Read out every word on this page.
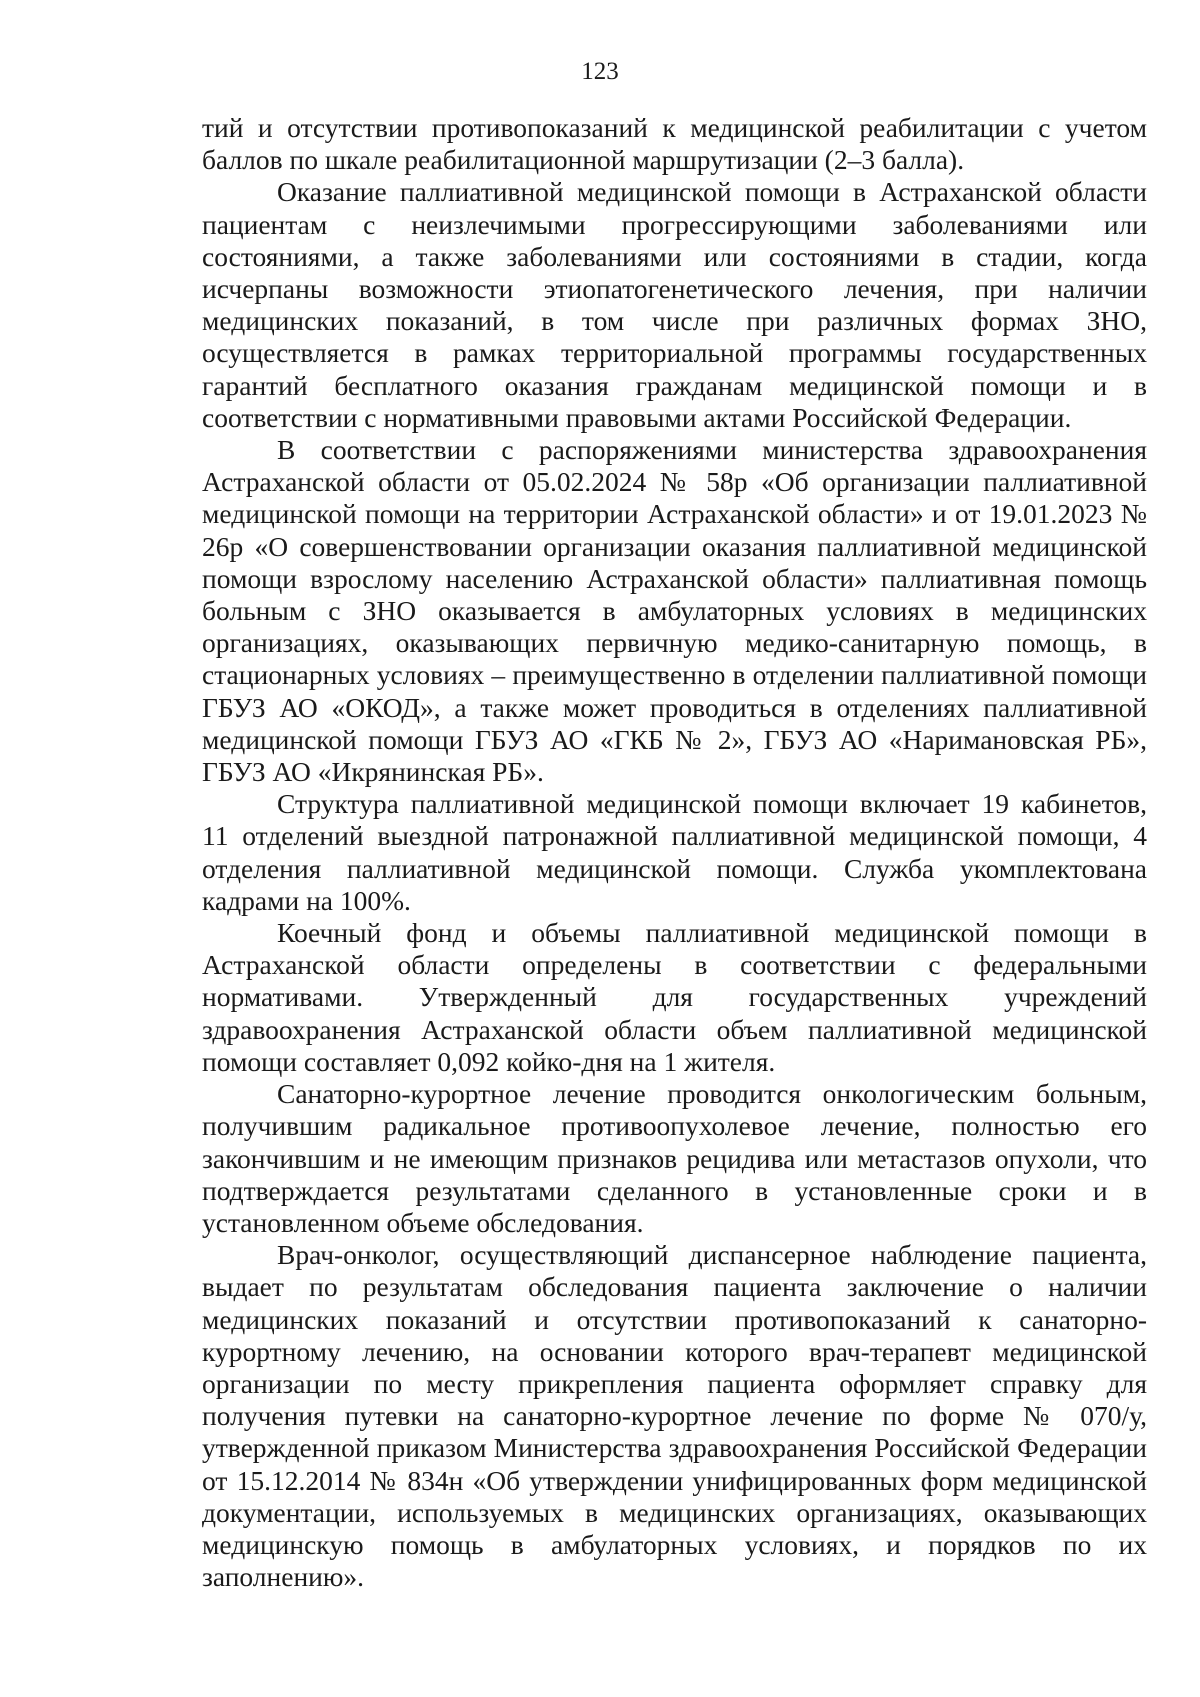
123

тий и отсутствии противопоказаний к медицинской реабилитации с учетом баллов по шкале реабилитационной маршрутизации (2–3 балла).

Оказание паллиативной медицинской помощи в Астраханской области пациентам с неизлечимыми прогрессирующими заболеваниями или состояниями, а также заболеваниями или состояниями в стадии, когда исчерпаны возможности этиопатогенетического лечения, при наличии медицинских показаний, в том числе при различных формах ЗНО, осуществляется в рамках территориальной программы государственных гарантий бесплатного оказания гражданам медицинской помощи и в соответствии с нормативными правовыми актами Российской Федерации.

В соответствии с распоряжениями министерства здравоохранения Астраханской области от 05.02.2024 № 58р «Об организации паллиативной медицинской помощи на территории Астраханской области» и от 19.01.2023 № 26р «О совершенствовании организации оказания паллиативной медицинской помощи взрослому населению Астраханской области» паллиативная помощь больным с ЗНО оказывается в амбулаторных условиях в медицинских организациях, оказывающих первичную медико-санитарную помощь, в стационарных условиях – преимущественно в отделении паллиативной помощи ГБУЗ АО «ОКОД», а также может проводиться в отделениях паллиативной медицинской помощи ГБУЗ АО «ГКБ № 2», ГБУЗ АО «Наримановская РБ», ГБУЗ АО «Икрянинская РБ».

Структура паллиативной медицинской помощи включает 19 кабинетов, 11 отделений выездной патронажной паллиативной медицинской помощи, 4 отделения паллиативной медицинской помощи. Служба укомплектована кадрами на 100%.

Коечный фонд и объемы паллиативной медицинской помощи в Астраханской области определены в соответствии с федеральными нормативами. Утвержденный для государственных учреждений здравоохранения Астраханской области объем паллиативной медицинской помощи составляет 0,092 койко-дня на 1 жителя.

Санаторно-курортное лечение проводится онкологическим больным, получившим радикальное противоопухолевое лечение, полностью его закончившим и не имеющим признаков рецидива или метастазов опухоли, что подтверждается результатами сделанного в установленные сроки и в установленном объеме обследования.

Врач-онколог, осуществляющий диспансерное наблюдение пациента, выдает по результатам обследования пациента заключение о наличии медицинских показаний и отсутствии противопоказаний к санаторно-курортному лечению, на основании которого врач-терапевт медицинской организации по месту прикрепления пациента оформляет справку для получения путевки на санаторно-курортное лечение по форме № 070/у, утвержденной приказом Министерства здравоохранения Российской Федерации от 15.12.2014 № 834н «Об утверждении унифицированных форм медицинской документации, используемых в медицинских организациях, оказывающих медицинскую помощь в амбулаторных условиях, и порядков по их заполнению».
